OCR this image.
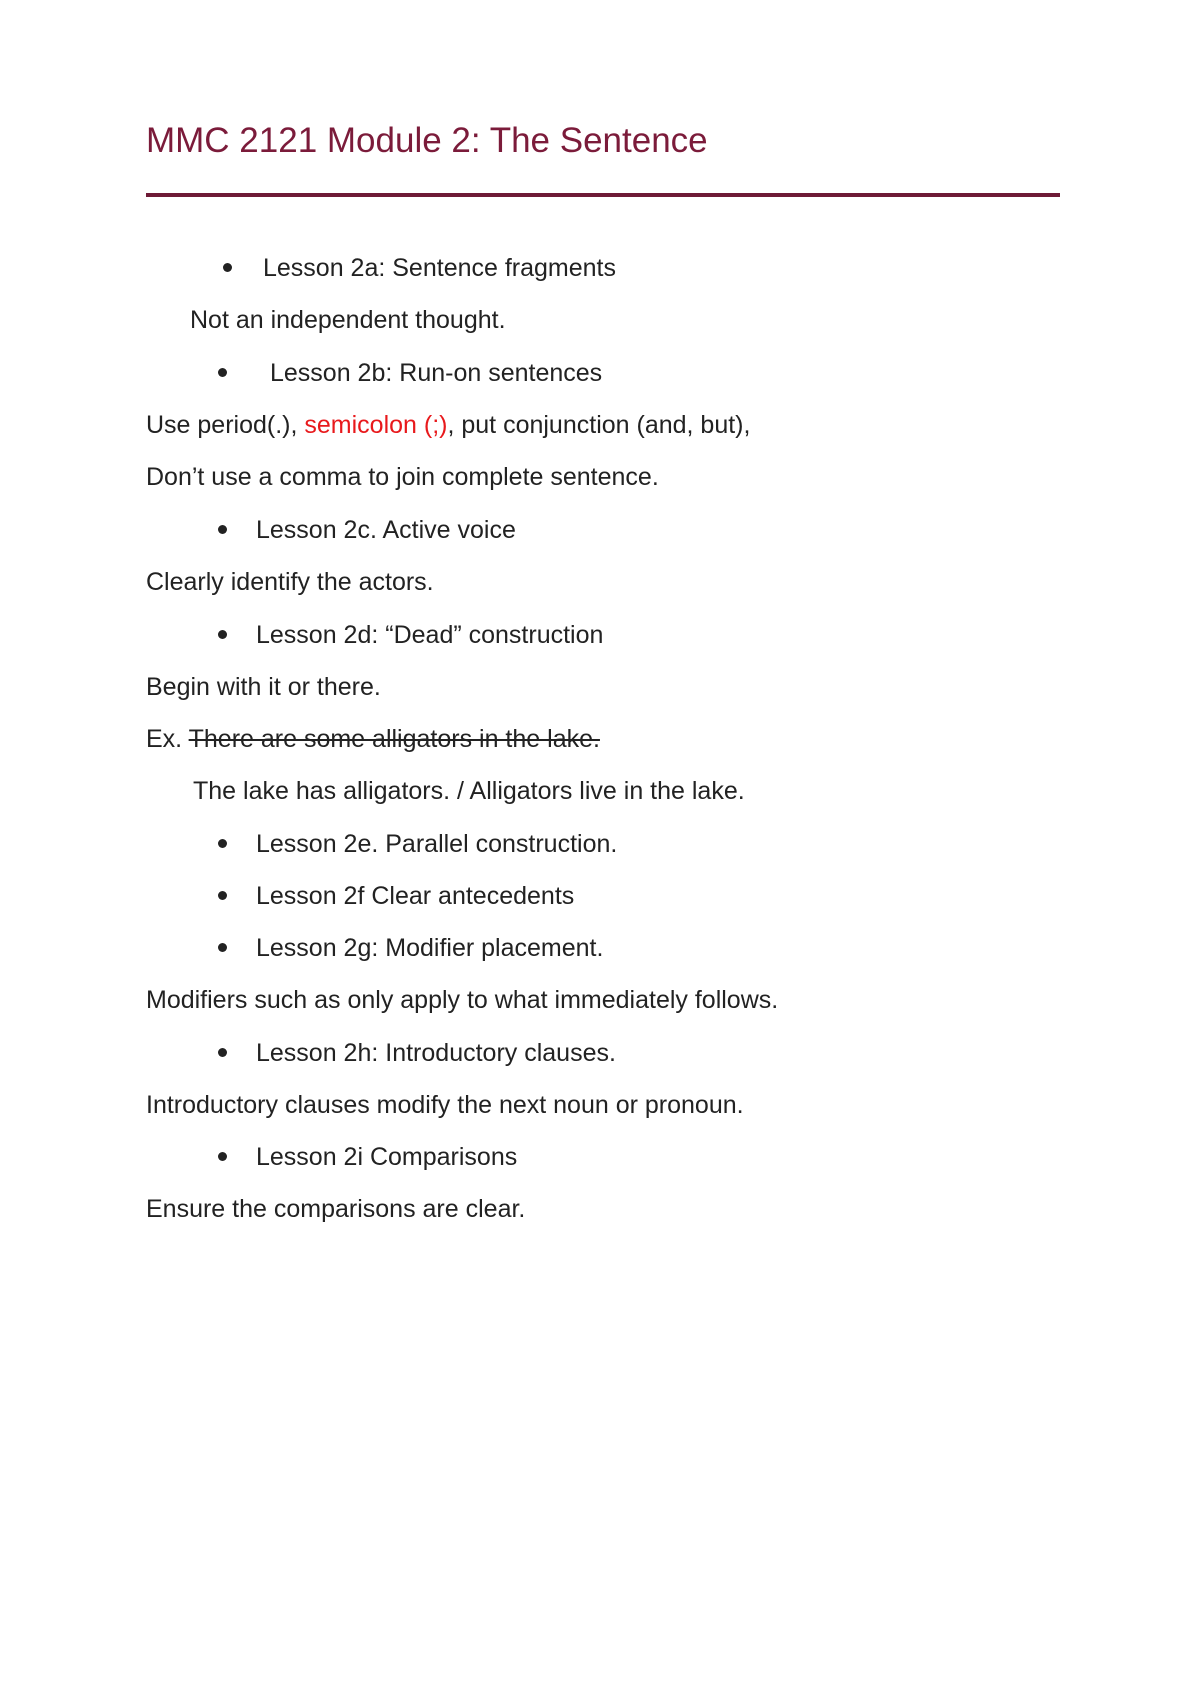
MMC 2121 Module 2: The Sentence
Lesson 2a: Sentence fragments
Not an independent thought.
Lesson 2b: Run-on sentences
Use period(.), semicolon (;), put conjunction (and, but),
Don’t use a comma to join complete sentence.
Lesson 2c. Active voice
Clearly identify the actors.
Lesson 2d: “Dead” construction
Begin with it or there.
Ex. There are some alligators in the lake.
The lake has alligators. / Alligators live in the lake.
Lesson 2e. Parallel construction.
Lesson 2f Clear antecedents
Lesson 2g: Modifier placement.
Modifiers such as only apply to what immediately follows.
Lesson 2h: Introductory clauses.
Introductory clauses modify the next noun or pronoun.
Lesson 2i Comparisons
Ensure the comparisons are clear.
